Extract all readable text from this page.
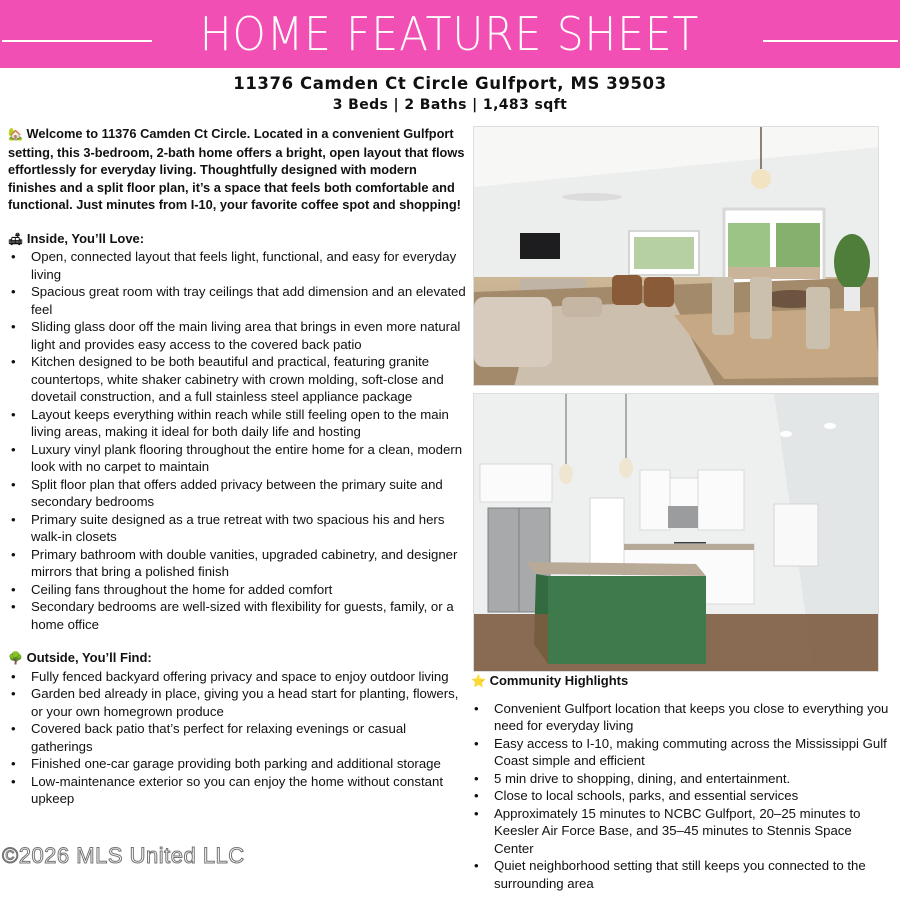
HOME FEATURE SHEET
11376 Camden Ct Circle Gulfport, MS 39503
3 Beds | 2 Baths | 1,483 sqft

🏡 Welcome to 11376 Camden Ct Circle. Located in a convenient Gulfport setting, this 3-bedroom, 2-bath home offers a bright, open layout that flows effortlessly for everyday living. Thoughtfully designed with modern finishes and a split floor plan, it’s a space that feels both comfortable and functional. Just minutes from I-10, your favorite coffee spot and shopping!

🛋 Inside, You’ll Love:
• Open, connected layout that feels light, functional, and easy for everyday living
• Spacious great room with tray ceilings that add dimension and an elevated feel
• Sliding glass door off the main living area that brings in even more natural light and provides easy access to the covered back patio
• Kitchen designed to be both beautiful and practical, featuring granite countertops, white shaker cabinetry with crown molding, soft-close and dovetail construction, and a full stainless steel appliance package
• Layout keeps everything within reach while still feeling open to the main living areas, making it ideal for both daily life and hosting
• Luxury vinyl plank flooring throughout the entire home for a clean, modern look with no carpet to maintain
• Split floor plan that offers added privacy between the primary suite and secondary bedrooms
• Primary suite designed as a true retreat with two spacious his and hers walk-in closets
• Primary bathroom with double vanities, upgraded cabinetry, and designer mirrors that bring a polished finish
• Ceiling fans throughout the home for added comfort
• Secondary bedrooms are well-sized with flexibility for guests, family, or a home office
🌳 Outside, You’ll Find:
• Fully fenced backyard offering privacy and space to enjoy outdoor living
• Garden bed already in place, giving you a head start for planting, flowers, or your own homegrown produce
• Covered back patio that’s perfect for relaxing evenings or casual gatherings
• Finished one-car garage providing both parking and additional storage
• Low-maintenance exterior so you can enjoy the home without constant upkeep
⭐ Community Highlights
• Convenient Gulfport location that keeps you close to everything you need for everyday living
• Easy access to I-10, making commuting across the Mississippi Gulf Coast simple and efficient
• 5 min drive to shopping, dining, and entertainment.
• Close to local schools, parks, and essential services
• Approximately 15 minutes to NCBC Gulfport, 20–25 minutes to Keesler Air Force Base, and 35–45 minutes to Stennis Space Center
• Quiet neighborhood setting that still keeps you connected to the surrounding area
©2026 MLS United LLC
